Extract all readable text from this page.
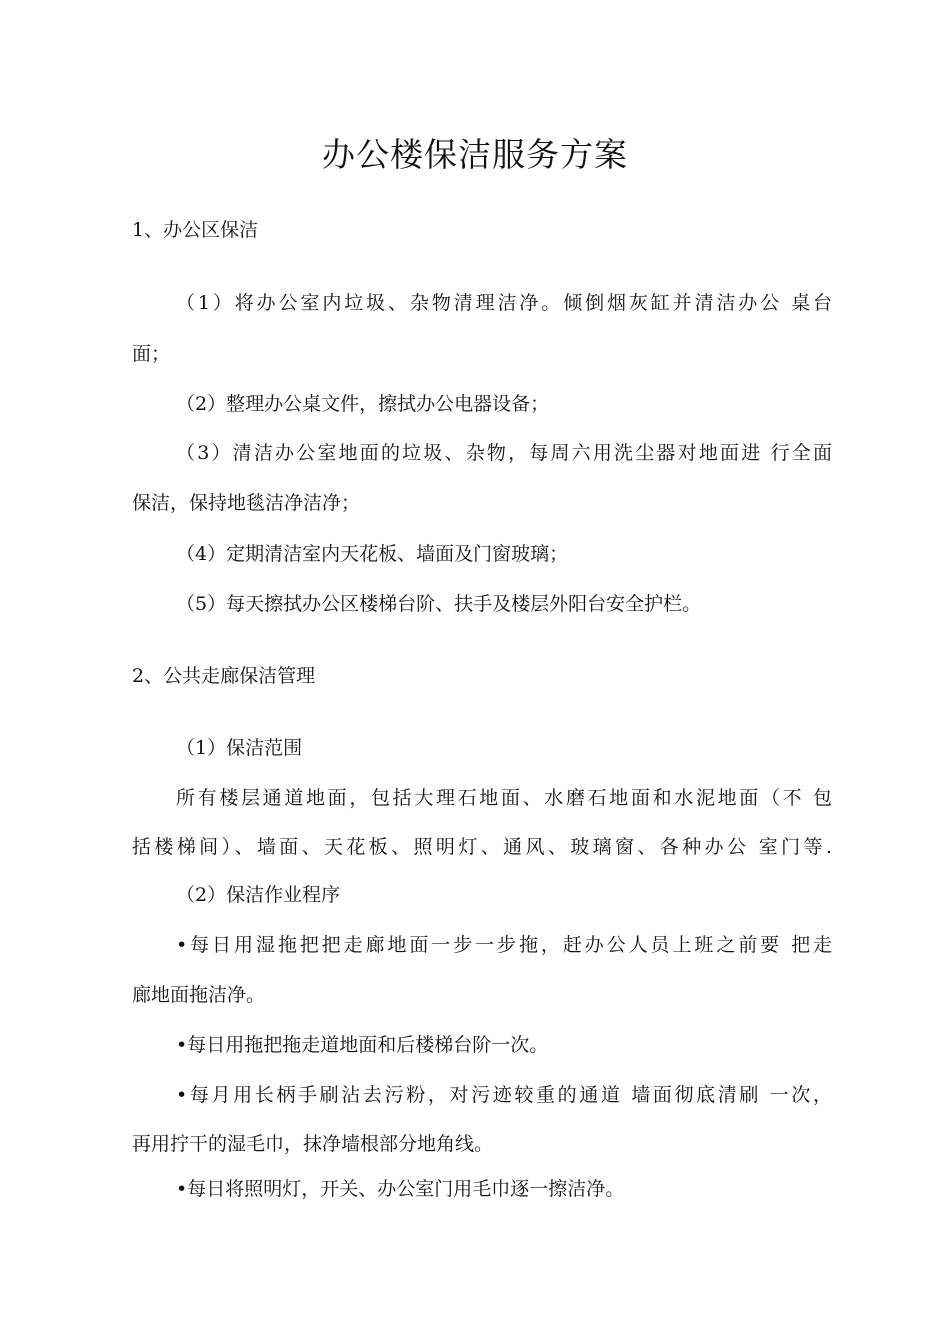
办公楼保洁服务方案
1、办公区保洁
（1）将办公室内垃圾、杂物清理洁净。倾倒烟灰缸并清洁办公 桌台
面；
（2）整理办公桌文件，擦拭办公电器设备；
（3）清洁办公室地面的垃圾、杂物，每周六用洗尘器对地面进 行全面
保洁，保持地毯洁净洁净；
（4）定期清洁室内天花板、墙面及门窗玻璃；
（5）每天擦拭办公区楼梯台阶、扶手及楼层外阳台安全护栏。
2、公共走廊保洁管理
（1）保洁范围
所有楼层通道地面，包括大理石地面、水磨石地面和水泥地面（不 包
括楼梯间）、墙面、天花板、照明灯、通风、玻璃窗、各种办公 室门等.
（2）保洁作业程序
•每日用湿拖把把走廊地面一步一步拖，赶办公人员上班之前要 把走
廊地面拖洁净。
•每日用拖把拖走道地面和后楼梯台阶一次。
•每月用长柄手刷沾去污粉，对污迹较重的通道 墙面彻底清刷 一次，
再用拧干的湿毛巾，抹净墙根部分地角线。
•每日将照明灯，开关、办公室门用毛巾逐一擦洁净。
